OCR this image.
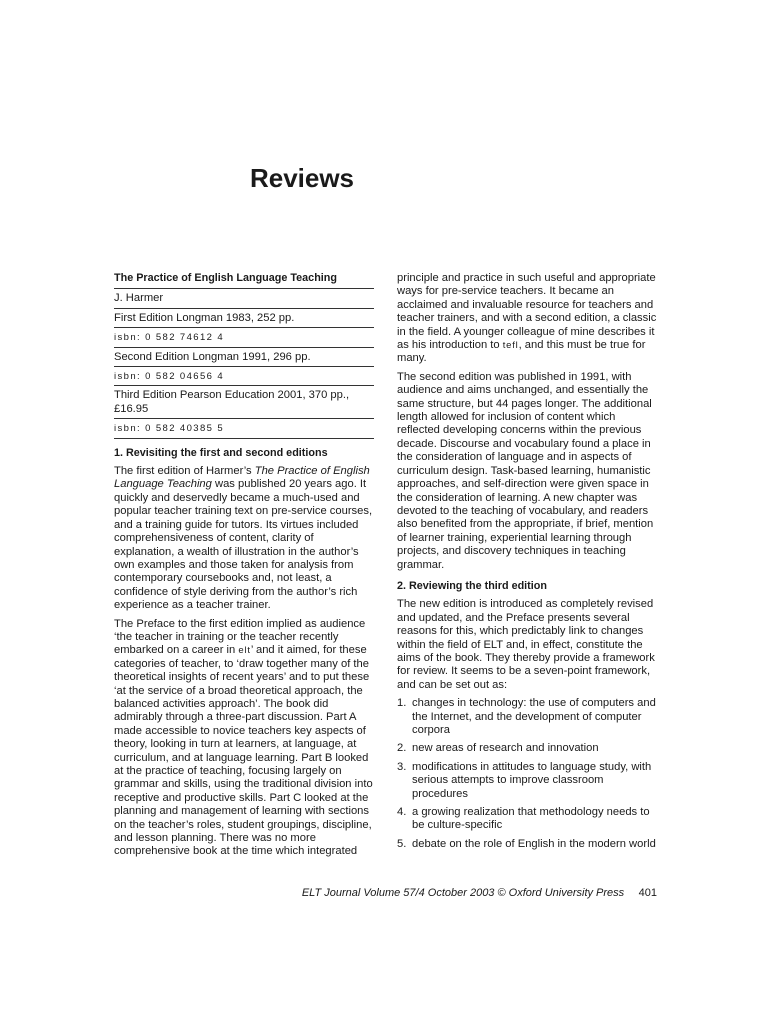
Reviews
The Practice of English Language Teaching
J. Harmer
First Edition Longman 1983, 252 pp.
isbn: 0 582 74612 4
Second Edition Longman 1991, 296 pp.
isbn: 0 582 04656 4
Third Edition Pearson Education 2001, 370 pp., £16.95
isbn: 0 582 40385 5
1. Revisiting the first and second editions

The first edition of Harmer’s The Practice of English Language Teaching was published 20 years ago. It quickly and deservedly became a much-used and popular teacher training text on pre-service courses, and a training guide for tutors. Its virtues included comprehensiveness of content, clarity of explanation, a wealth of illustration in the author’s own examples and those taken for analysis from contemporary coursebooks and, not least, a confidence of style deriving from the author’s rich experience as a teacher trainer.

The Preface to the first edition implied as audience ‘the teacher in training or the teacher recently embarked on a career in elt’ and it aimed, for these categories of teacher, to ‘draw together many of the theoretical insights of recent years’ and to put these ‘at the service of a broad theoretical approach, the balanced activities approach’. The book did admirably through a three-part discussion. Part A made accessible to novice teachers key aspects of theory, looking in turn at learners, at language, at curriculum, and at language learning. Part B looked at the practice of teaching, focusing largely on grammar and skills, using the traditional division into receptive and productive skills. Part C looked at the planning and management of learning with sections on the teacher’s roles, student groupings, discipline, and lesson planning. There was no more comprehensive book at the time which integrated

principle and practice in such useful and appropriate ways for pre-service teachers. It became an acclaimed and invaluable resource for teachers and teacher trainers, and with a second edition, a classic in the field. A younger colleague of mine describes it as his introduction to tefl, and this must be true for many.

The second edition was published in 1991, with audience and aims unchanged, and essentially the same structure, but 44 pages longer. The additional length allowed for inclusion of content which reflected developing concerns within the previous decade. Discourse and vocabulary found a place in the consideration of language and in aspects of curriculum design. Task-based learning, humanistic approaches, and self-direction were given space in the consideration of learning. A new chapter was devoted to the teaching of vocabulary, and readers also benefited from the appropriate, if brief, mention of learner training, experiential learning through projects, and discovery techniques in teaching grammar.

2. Reviewing the third edition

The new edition is introduced as completely revised and updated, and the Preface presents several reasons for this, which predictably link to changes within the field of ELT and, in effect, constitute the aims of the book. They thereby provide a framework for review. It seems to be a seven-point framework, and can be set out as:

1. changes in technology: the use of computers and the Internet, and the development of computer corpora
2. new areas of research and innovation
3. modifications in attitudes to language study, with serious attempts to improve classroom procedures
4. a growing realization that methodology needs to be culture-specific
5. debate on the role of English in the modern world
ELT Journal Volume 57/4 October 2003 © Oxford University Press	401
